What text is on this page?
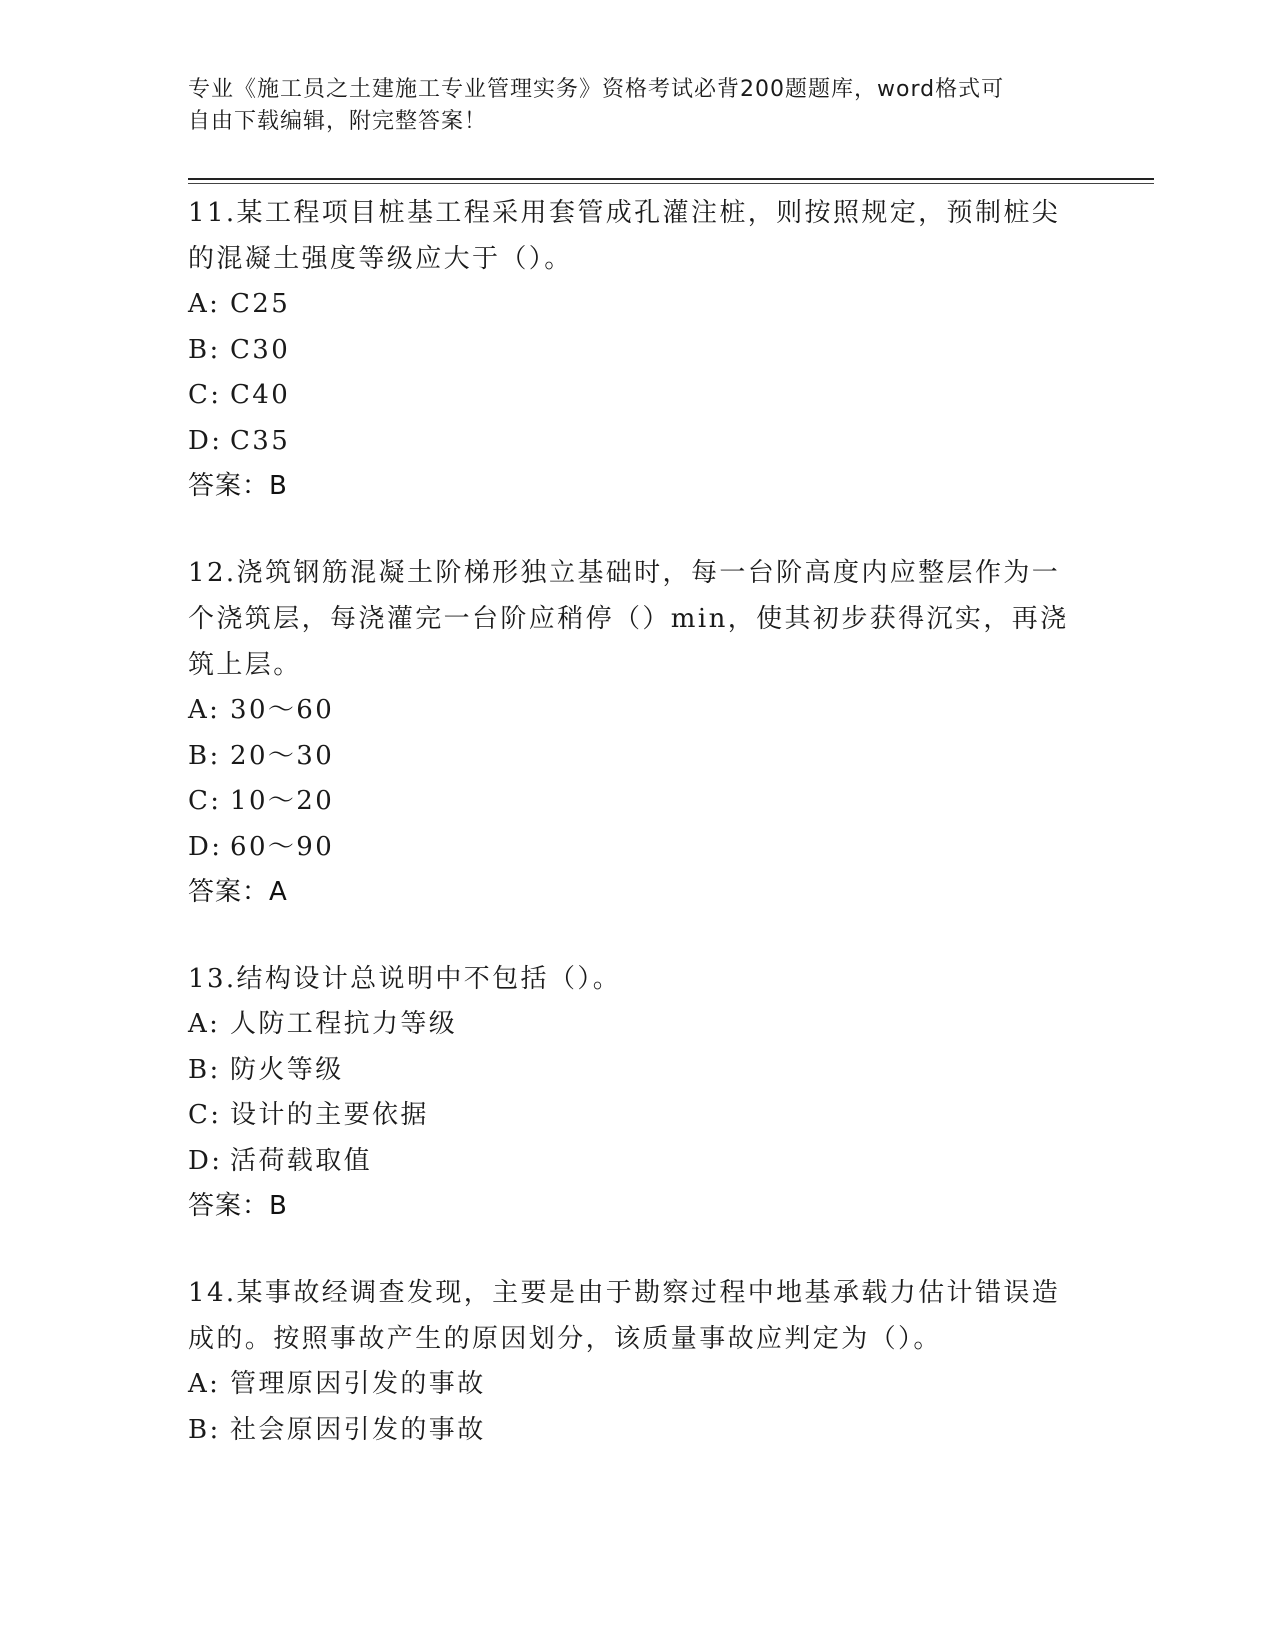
专业《施工员之土建施工专业管理实务》资格考试必背200题题库，word格式可
自由下载编辑，附完整答案！
11.某工程项目桩基工程采用套管成孔灌注桩，则按照规定，预制桩尖
的混凝土强度等级应大于（）。
A: C25
B: C30
C: C40
D: C35
答案：B
12.浇筑钢筋混凝土阶梯形独立基础时，每一台阶高度内应整层作为一
个浇筑层，每浇灌完一台阶应稍停（）min，使其初步获得沉实，再浇
筑上层。
A: 30～60
B: 20～30
C: 10～20
D: 60～90
答案：A
13.结构设计总说明中不包括（）。
A: 人防工程抗力等级
B: 防火等级
C: 设计的主要依据
D: 活荷载取值
答案：B
14.某事故经调查发现，主要是由于勘察过程中地基承载力估计错误造
成的。按照事故产生的原因划分，该质量事故应判定为（）。
A: 管理原因引发的事故
B: 社会原因引发的事故
